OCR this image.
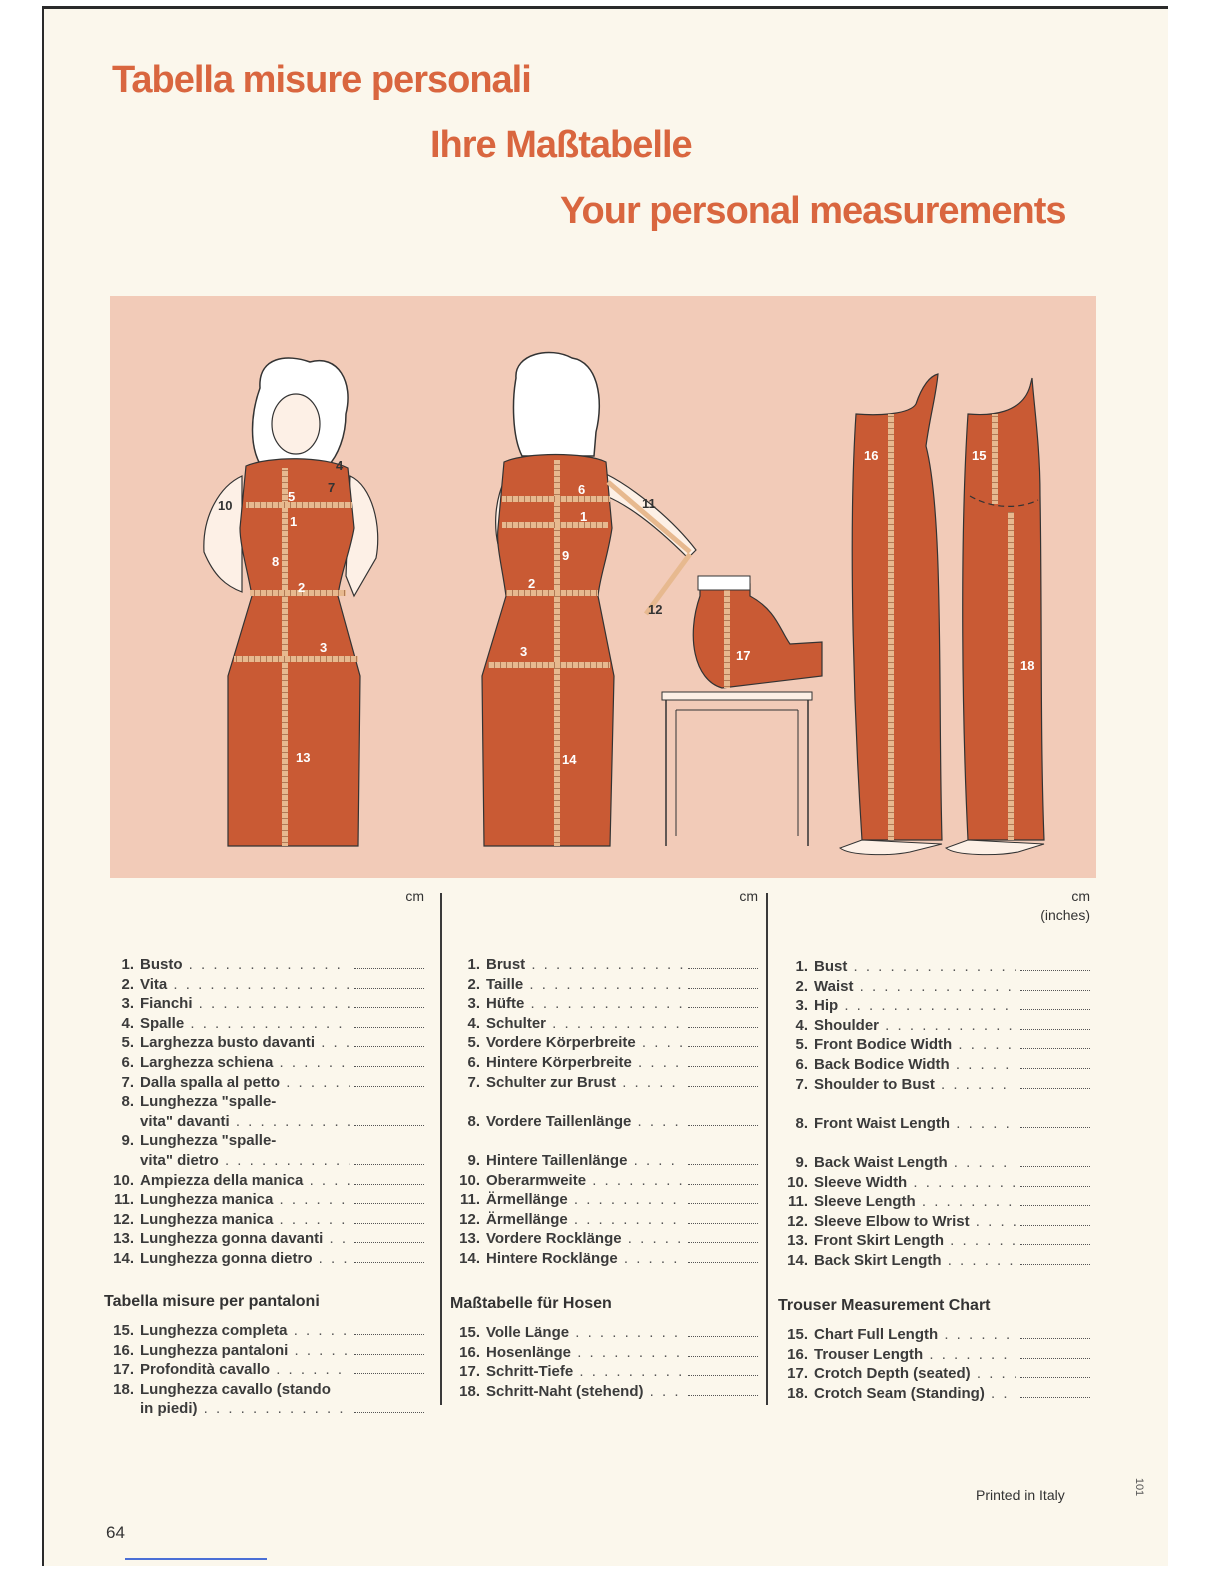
Tabella misure personali
Ihre Maßtabelle
Your personal measurements
5
1
2
3
13
8
7
4
10
6
1
9
2
3
14
11
12
17
16	15
18
cm
1. Busto . . .
2. Vita . . .
3. Fianchi . . .
4. Spalle . . .
5. Larghezza busto davanti . . .
6. Larghezza schiena . . .
7. Dalla spalla al petto . . .
8. Lunghezza "spalle-
vita" davanti . . .
9. Lunghezza "spalle-
vita" dietro . . .
10. Ampiezza della manica . . .
11. Lunghezza manica . . .
12. Lunghezza manica . . .
13. Lunghezza gonna davanti . . .
14. Lunghezza gonna dietro . . .
Tabella misure per pantaloni
15. Lunghezza completa . . .
16. Lunghezza pantaloni . . .
17. Profondità cavallo . . .
18. Lunghezza cavallo (stando
in piedi) . . .
cm
1. Brust . . .
2. Taille . . .
3. Hüfte . . .
4. Schulter . . .
5. Vordere Körperbreite . . .
6. Hintere Körperbreite . . .
7. Schulter zur Brust . . .
8. Vordere Taillenlänge . . .
9. Hintere Taillenlänge . . .
10. Oberarmweite . . .
11. Ärmellänge . . .
12. Ärmellänge . . .
13. Vordere Rocklänge . . .
14. Hintere Rocklänge . . .
Maßtabelle für Hosen
15. Volle Länge . . .
16. Hosenlänge . . .
17. Schritt-Tiefe . . .
18. Schritt-Naht (stehend) . . .
cm
(inches)
1. Bust . . .
2. Waist . . .
3. Hip . . .
4. Shoulder . . .
5. Front Bodice Width . . .
6. Back Bodice Width . . .
7. Shoulder to Bust . . .
8. Front Waist Length . . .
9. Back Waist Length . . .
10. Sleeve Width . . .
11. Sleeve Length . . .
12. Sleeve Elbow to Wrist . . .
13. Front Skirt Length . . .
14. Back Skirt Length . . .
Trouser Measurement Chart
15. Chart Full Length . . .
16. Trouser Length . . .
17. Crotch Depth (seated) . . .
18. Crotch Seam (Standing) . . .
Printed in Italy	101
64
